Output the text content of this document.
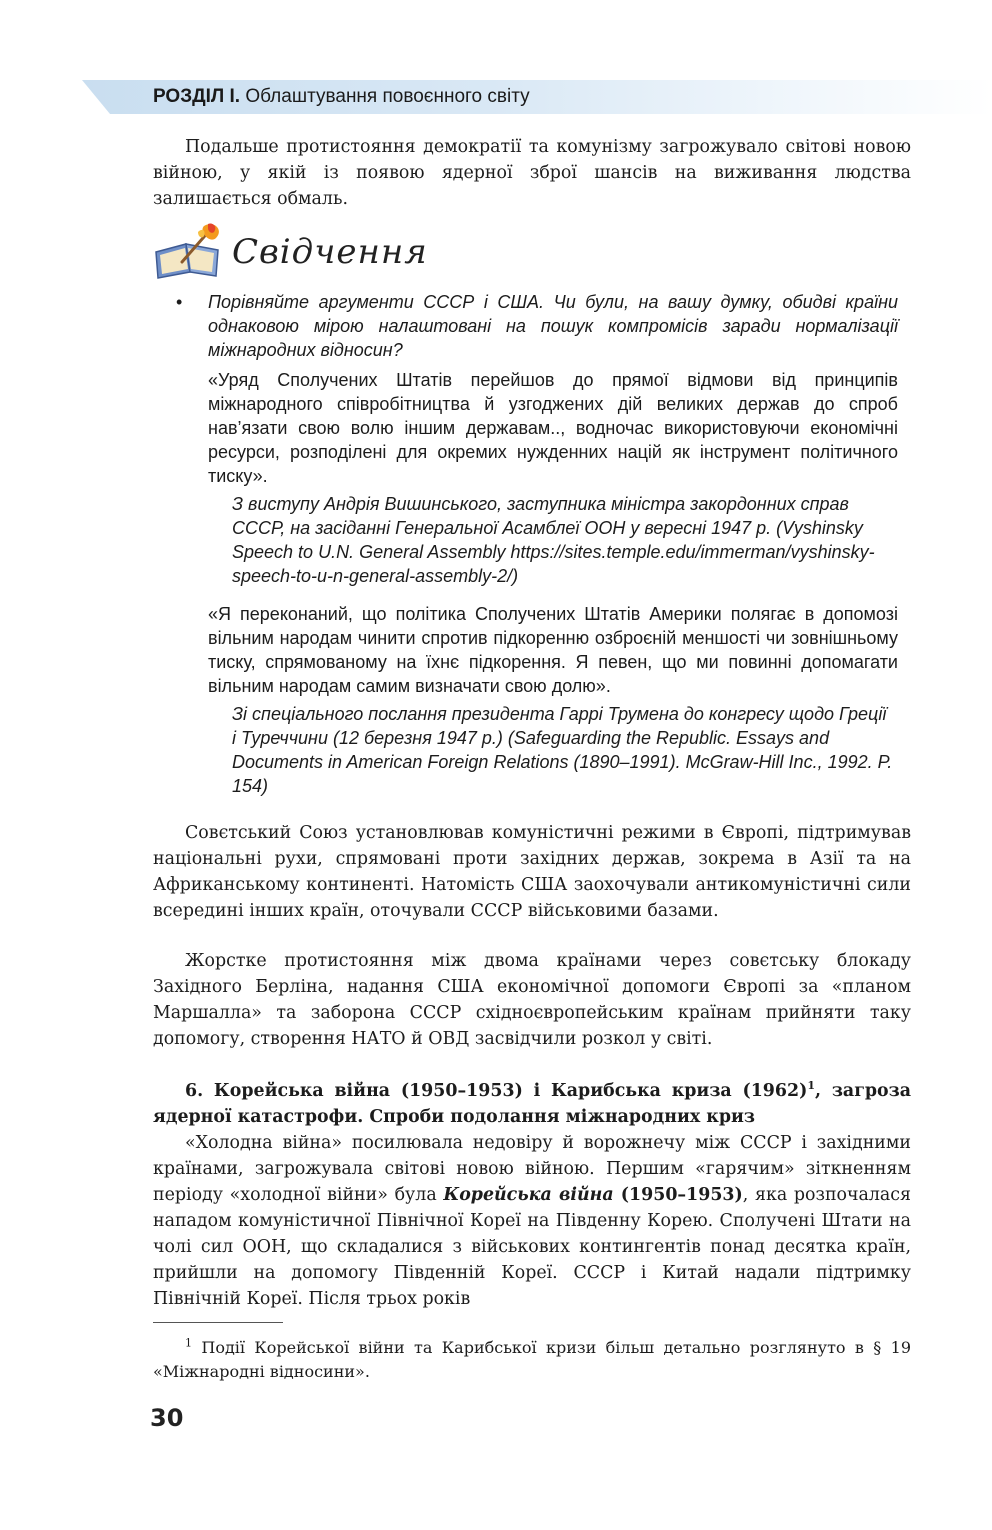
РОЗДІЛ І. Облаштування повоєнного світу

Подальше протистояння демократії та комунізму загрожувало світові новою війною, у якій із появою ядерної зброї шансів на виживання людства залишається обмаль.

Свідчення
• Порівняйте аргументи СССР і США. Чи були, на вашу думку, обидві країни однаковою мірою налаштовані на пошук компромісів заради нормалізації міжнародних відносин?

«Уряд Сполучених Штатів перейшов до прямої відмови від принципів міжнародного співробітництва й узгоджених дій великих держав до спроб нав’язати свою волю іншим державам.., водночас використовуючи економічні ресурси, розподілені для окремих нужденних націй як інструмент політичного тиску».

З виступу Андрія Вишинського, заступника міністра закордонних справ СССР, на засіданні Генеральної Асамблеї ООН у вересні 1947 р. (Vyshinsky Speech to U.N. General Assembly https://sites.temple.edu/immerman/vyshinsky-speech-to-u-n-general-assembly-2/)

«Я переконаний, що політика Сполучених Штатів Америки полягає в допомозі вільним народам чинити спротив підкоренню озброєній меншості чи зовнішньому тиску, спрямованому на їхнє підкорення. Я певен, що ми повинні допомагати вільним народам самим визначати свою долю».

Зі спеціального послання президента Гаррі Трумена до конгресу щодо Греції і Туреччини (12 березня 1947 р.) (Safeguarding the Republic. Essays and Documents in American Foreign Relations (1890–1991). McGraw-Hill Inc., 1992. P. 154)

Совєтський Союз установлював комуністичні режими в Європі, підтримував національні рухи, спрямовані проти західних держав, зокрема в Азії та на Африканському континенті. Натомість США заохочували антикомуністичні сили всередині інших країн, оточували СССР військовими базами.

Жорстке протистояння між двома країнами через совєтську блокаду Західного Берліна, надання США економічної допомоги Європі за «планом Маршалла» та заборона СССР східноєвропейським країнам прийняти таку допомогу, створення НАТО й ОВД засвідчили розкол у світі.

6. Корейська війна (1950–1953) і Карибська криза $(1962)^1$, загроза ядерної катастрофи. Спроби подолання міжнародних криз

«Холодна війна» посилювала недовіру й ворожнечу між СССР і західними країнами, загрожувала світові новою війною. Першим «гарячим» зіткненням періоду «холодної війни» була Корейська війна (1950–1953), яка розпочалася нападом комуністичної Північної Кореї на Південну Корею. Сполучені Штати на чолі сил ООН, що складалися з військових контингентів понад десятка країн, прийшли на допомогу Південній Кореї. СССР і Китай надали підтримку Північній Кореї. Після трьох років

$^1$ Події Корейської війни та Карибської кризи більш детально розглянуто в § 19 «Міжнародні відносини».
30
